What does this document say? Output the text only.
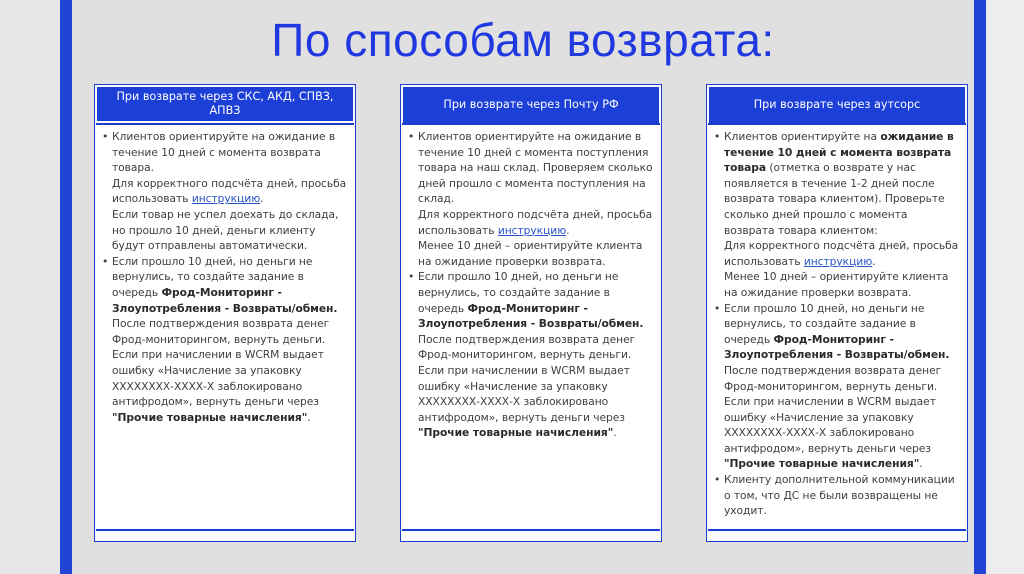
По способам возврата:
При возврате через СКС, АКД, СПВЗ, АПВЗ
• Клиентов ориентируйте на ожидание в течение 10 дней с момента возврата товара.
Для корректного подсчёта дней, просьба использовать инструкцию.
Если товар не успел доехать до склада, но прошло 10 дней, деньги клиенту будут отправлены автоматически.
• Если прошло 10 дней, но деньги не вернулись, то создайте задание в очередь Фрод-Мониторинг - Злоупотребления - Возвраты/обмен. После подтверждения возврата денег Фрод-мониторингом, вернуть деньги. Если при начислении в WCRM выдает ошибку «Начисление за упаковку ХХХХХХХХ-ХХХХ-Х заблокировано антифродом», вернуть деньги через "Прочие товарные начисления".
При возврате через Почту РФ
• Клиентов ориентируйте на ожидание в течение 10 дней с момента поступления товара на наш склад. Проверяем сколько дней прошло с момента поступления на склад.
Для корректного подсчёта дней, просьба использовать инструкцию.
Менее 10 дней – ориентируйте клиента на ожидание проверки возврата.
• Если прошло 10 дней, но деньги не вернулись, то создайте задание в очередь Фрод-Мониторинг - Злоупотребления - Возвраты/обмен. После подтверждения возврата денег Фрод-мониторингом, вернуть деньги. Если при начислении в WCRM выдает ошибку «Начисление за упаковку ХХХХХХХХ-ХХХХ-Х заблокировано антифродом», вернуть деньги через "Прочие товарные начисления".
При возврате через аутсорс
• Клиентов ориентируйте на ожидание в течение 10 дней с момента возврата товара (отметка о возврате у нас появляется в течение 1-2 дней после возврата товара клиентом). Проверьте сколько дней прошло с момента возврата товара клиентом:
Для корректного подсчёта дней, просьба использовать инструкцию.
Менее 10 дней – ориентируйте клиента на ожидание проверки возврата.
• Если прошло 10 дней, но деньги не вернулись, то создайте задание в очередь Фрод-Мониторинг - Злоупотребления - Возвраты/обмен. После подтверждения возврата денег Фрод-мониторингом, вернуть деньги. Если при начислении в WCRM выдает ошибку «Начисление за упаковку ХХХХХХХХ-ХХХХ-Х заблокировано антифродом», вернуть деньги через "Прочие товарные начисления".
• Клиенту дополнительной коммуникации о том, что ДС не были возвращены не уходит.
